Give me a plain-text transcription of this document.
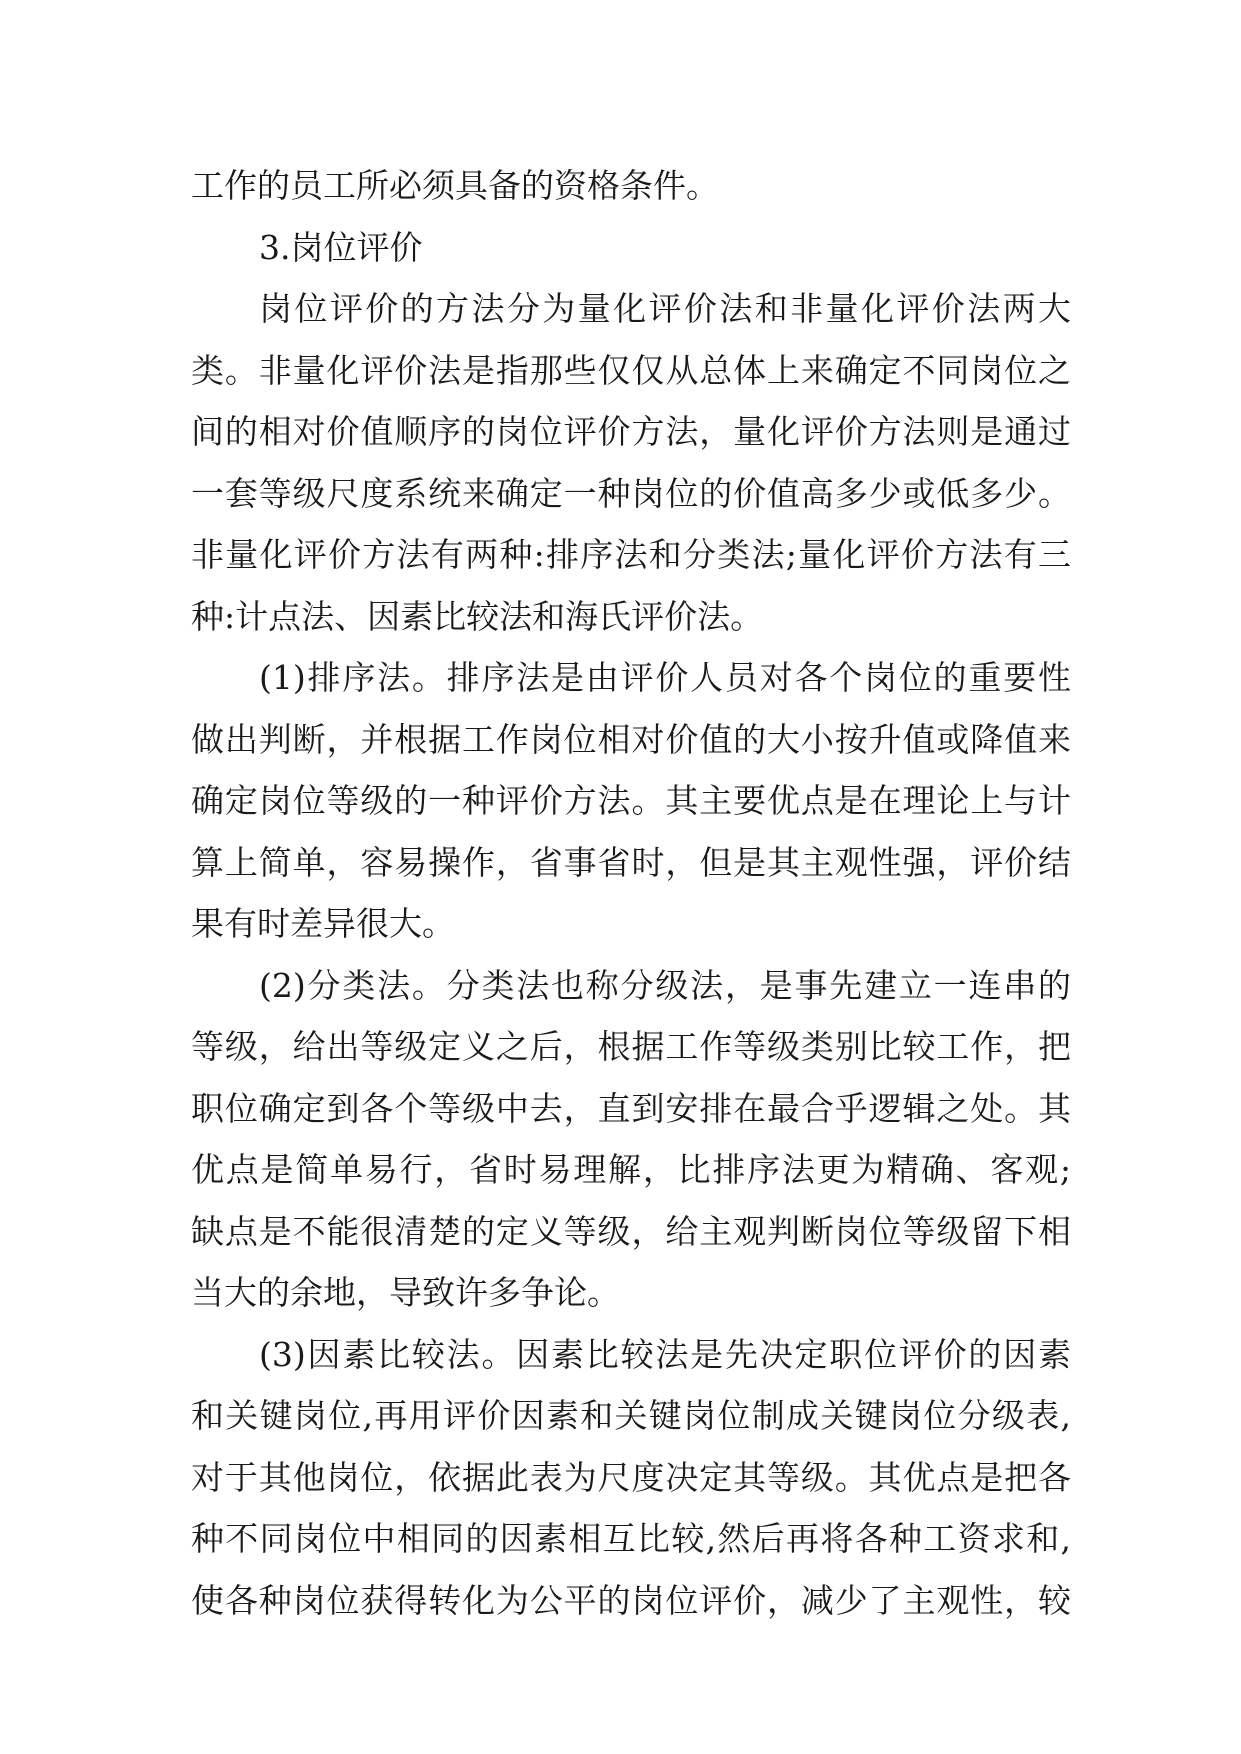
工作的员工所必须具备的资格条件。
3.岗位评价
岗位评价的方法分为量化评价法和非量化评价法两大
类。非量化评价法是指那些仅仅从总体上来确定不同岗位之
间的相对价值顺序的岗位评价方法，量化评价方法则是通过
一套等级尺度系统来确定一种岗位的价值高多少或低多少。
非量化评价方法有两种:排序法和分类法;量化评价方法有三
种:计点法、因素比较法和海氏评价法。
(1)排序法。排序法是由评价人员对各个岗位的重要性
做出判断，并根据工作岗位相对价值的大小按升值或降值来
确定岗位等级的一种评价方法。其主要优点是在理论上与计
算上简单，容易操作，省事省时，但是其主观性强，评价结
果有时差异很大。
(2)分类法。分类法也称分级法，是事先建立一连串的
等级，给出等级定义之后，根据工作等级类别比较工作，把
职位确定到各个等级中去，直到安排在最合乎逻辑之处。其
优点是简单易行，省时易理解，比排序法更为精确、客观;
缺点是不能很清楚的定义等级，给主观判断岗位等级留下相
当大的余地，导致许多争论。
(3)因素比较法。因素比较法是先决定职位评价的因素
和关键岗位,再用评价因素和关键岗位制成关键岗位分级表,
对于其他岗位，依据此表为尺度决定其等级。其优点是把各
种不同岗位中相同的因素相互比较,然后再将各种工资求和,
使各种岗位获得转化为公平的岗位评价，减少了主观性，较
